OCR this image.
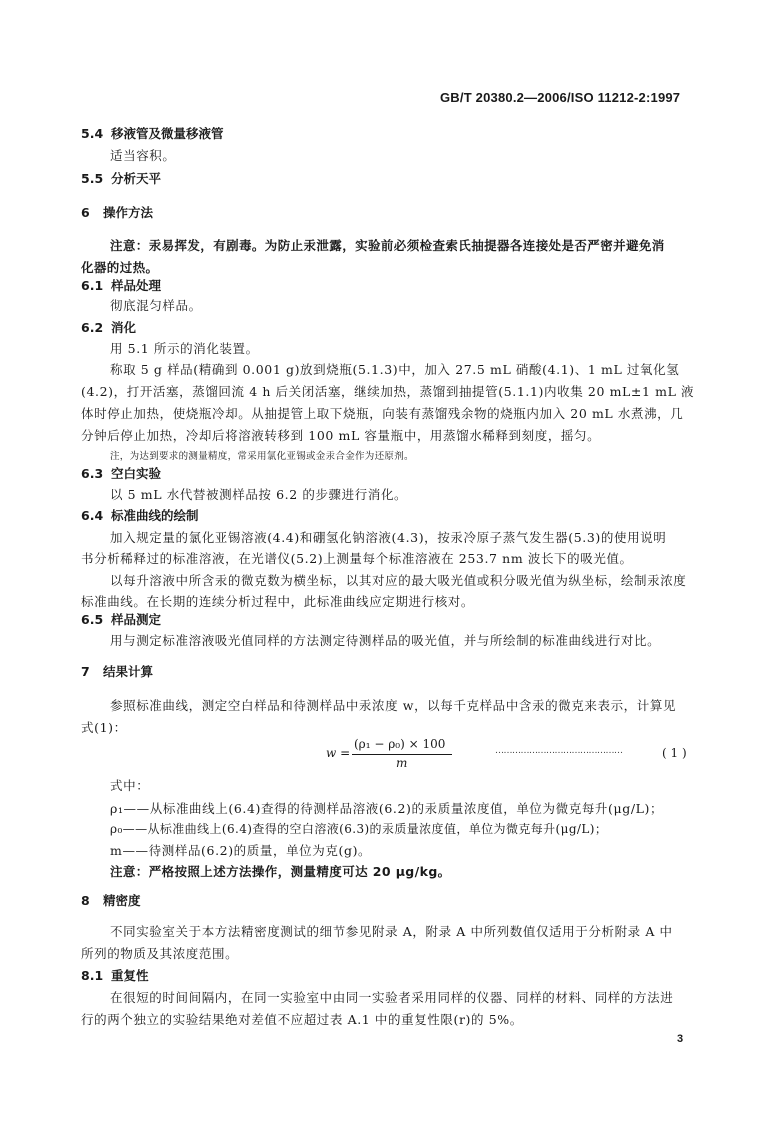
GB/T 20380.2—2006/ISO 11212-2:1997
5.4 移液管及微量移液管
适当容积。
5.5 分析天平
6 操作方法
注意：汞易挥发，有剧毒。为防止汞泄露，实验前必须检查索氏抽提器各连接处是否严密并避免消
化器的过热。
6.1 样品处理
彻底混匀样品。
6.2 消化
用 5.1 所示的消化装置。
称取 5 g 样品(精确到 0.001 g)放到烧瓶(5.1.3)中，加入 27.5 mL 硝酸(4.1)、1 mL 过氧化氢
(4.2)，打开活塞，蒸馏回流 4 h 后关闭活塞，继续加热，蒸馏到抽提管(5.1.1)内收集 20 mL±1 mL 液
体时停止加热，使烧瓶冷却。从抽提管上取下烧瓶，向装有蒸馏残余物的烧瓶内加入 20 mL 水煮沸，几
分钟后停止加热，冷却后将溶液转移到 100 mL 容量瓶中，用蒸馏水稀释到刻度，摇匀。
注，为达到要求的测量精度，常采用氯化亚锡或金汞合金作为还原剂。
6.3 空白实验
以 5 mL 水代替被测样品按 6.2 的步骤进行消化。
6.4 标准曲线的绘制
加入规定量的氯化亚锡溶液(4.4)和硼氢化钠溶液(4.3)，按汞冷原子蒸气发生器(5.3)的使用说明
书分析稀释过的标准溶液，在光谱仪(5.2)上测量每个标准溶液在 253.7 nm 波长下的吸光值。
以每升溶液中所含汞的微克数为横坐标，以其对应的最大吸光值或积分吸光值为纵坐标，绘制汞浓度
标准曲线。在长期的连续分析过程中，此标准曲线应定期进行核对。
6.5 样品测定
用与测定标准溶液吸光值同样的方法测定待测样品的吸光值，并与所绘制的标准曲线进行对比。
7 结果计算
参照标准曲线，测定空白样品和待测样品中汞浓度 w，以每千克样品中含汞的微克来表示，计算见
式(1)：
w =
(ρ₁ − ρ₀) × 100
m
………………………………………	( 1 )
式中：
ρ₁——从标准曲线上(6.4)查得的待测样品溶液(6.2)的汞质量浓度值，单位为微克每升(μg/L)；
ρ₀——从标准曲线上(6.4)查得的空白溶液(6.3)的汞质量浓度值，单位为微克每升(μg/L)；
m——待测样品(6.2)的质量，单位为克(g)。
注意：严格按照上述方法操作，测量精度可达 20 μg/kg。
8 精密度
不同实验室关于本方法精密度测试的细节参见附录 A，附录 A 中所列数值仅适用于分析附录 A 中
所列的物质及其浓度范围。
8.1 重复性
在很短的时间间隔内，在同一实验室中由同一实验者采用同样的仪器、同样的材料、同样的方法进
行的两个独立的实验结果绝对差值不应超过表 A.1 中的重复性限(r)的 5%。
3
